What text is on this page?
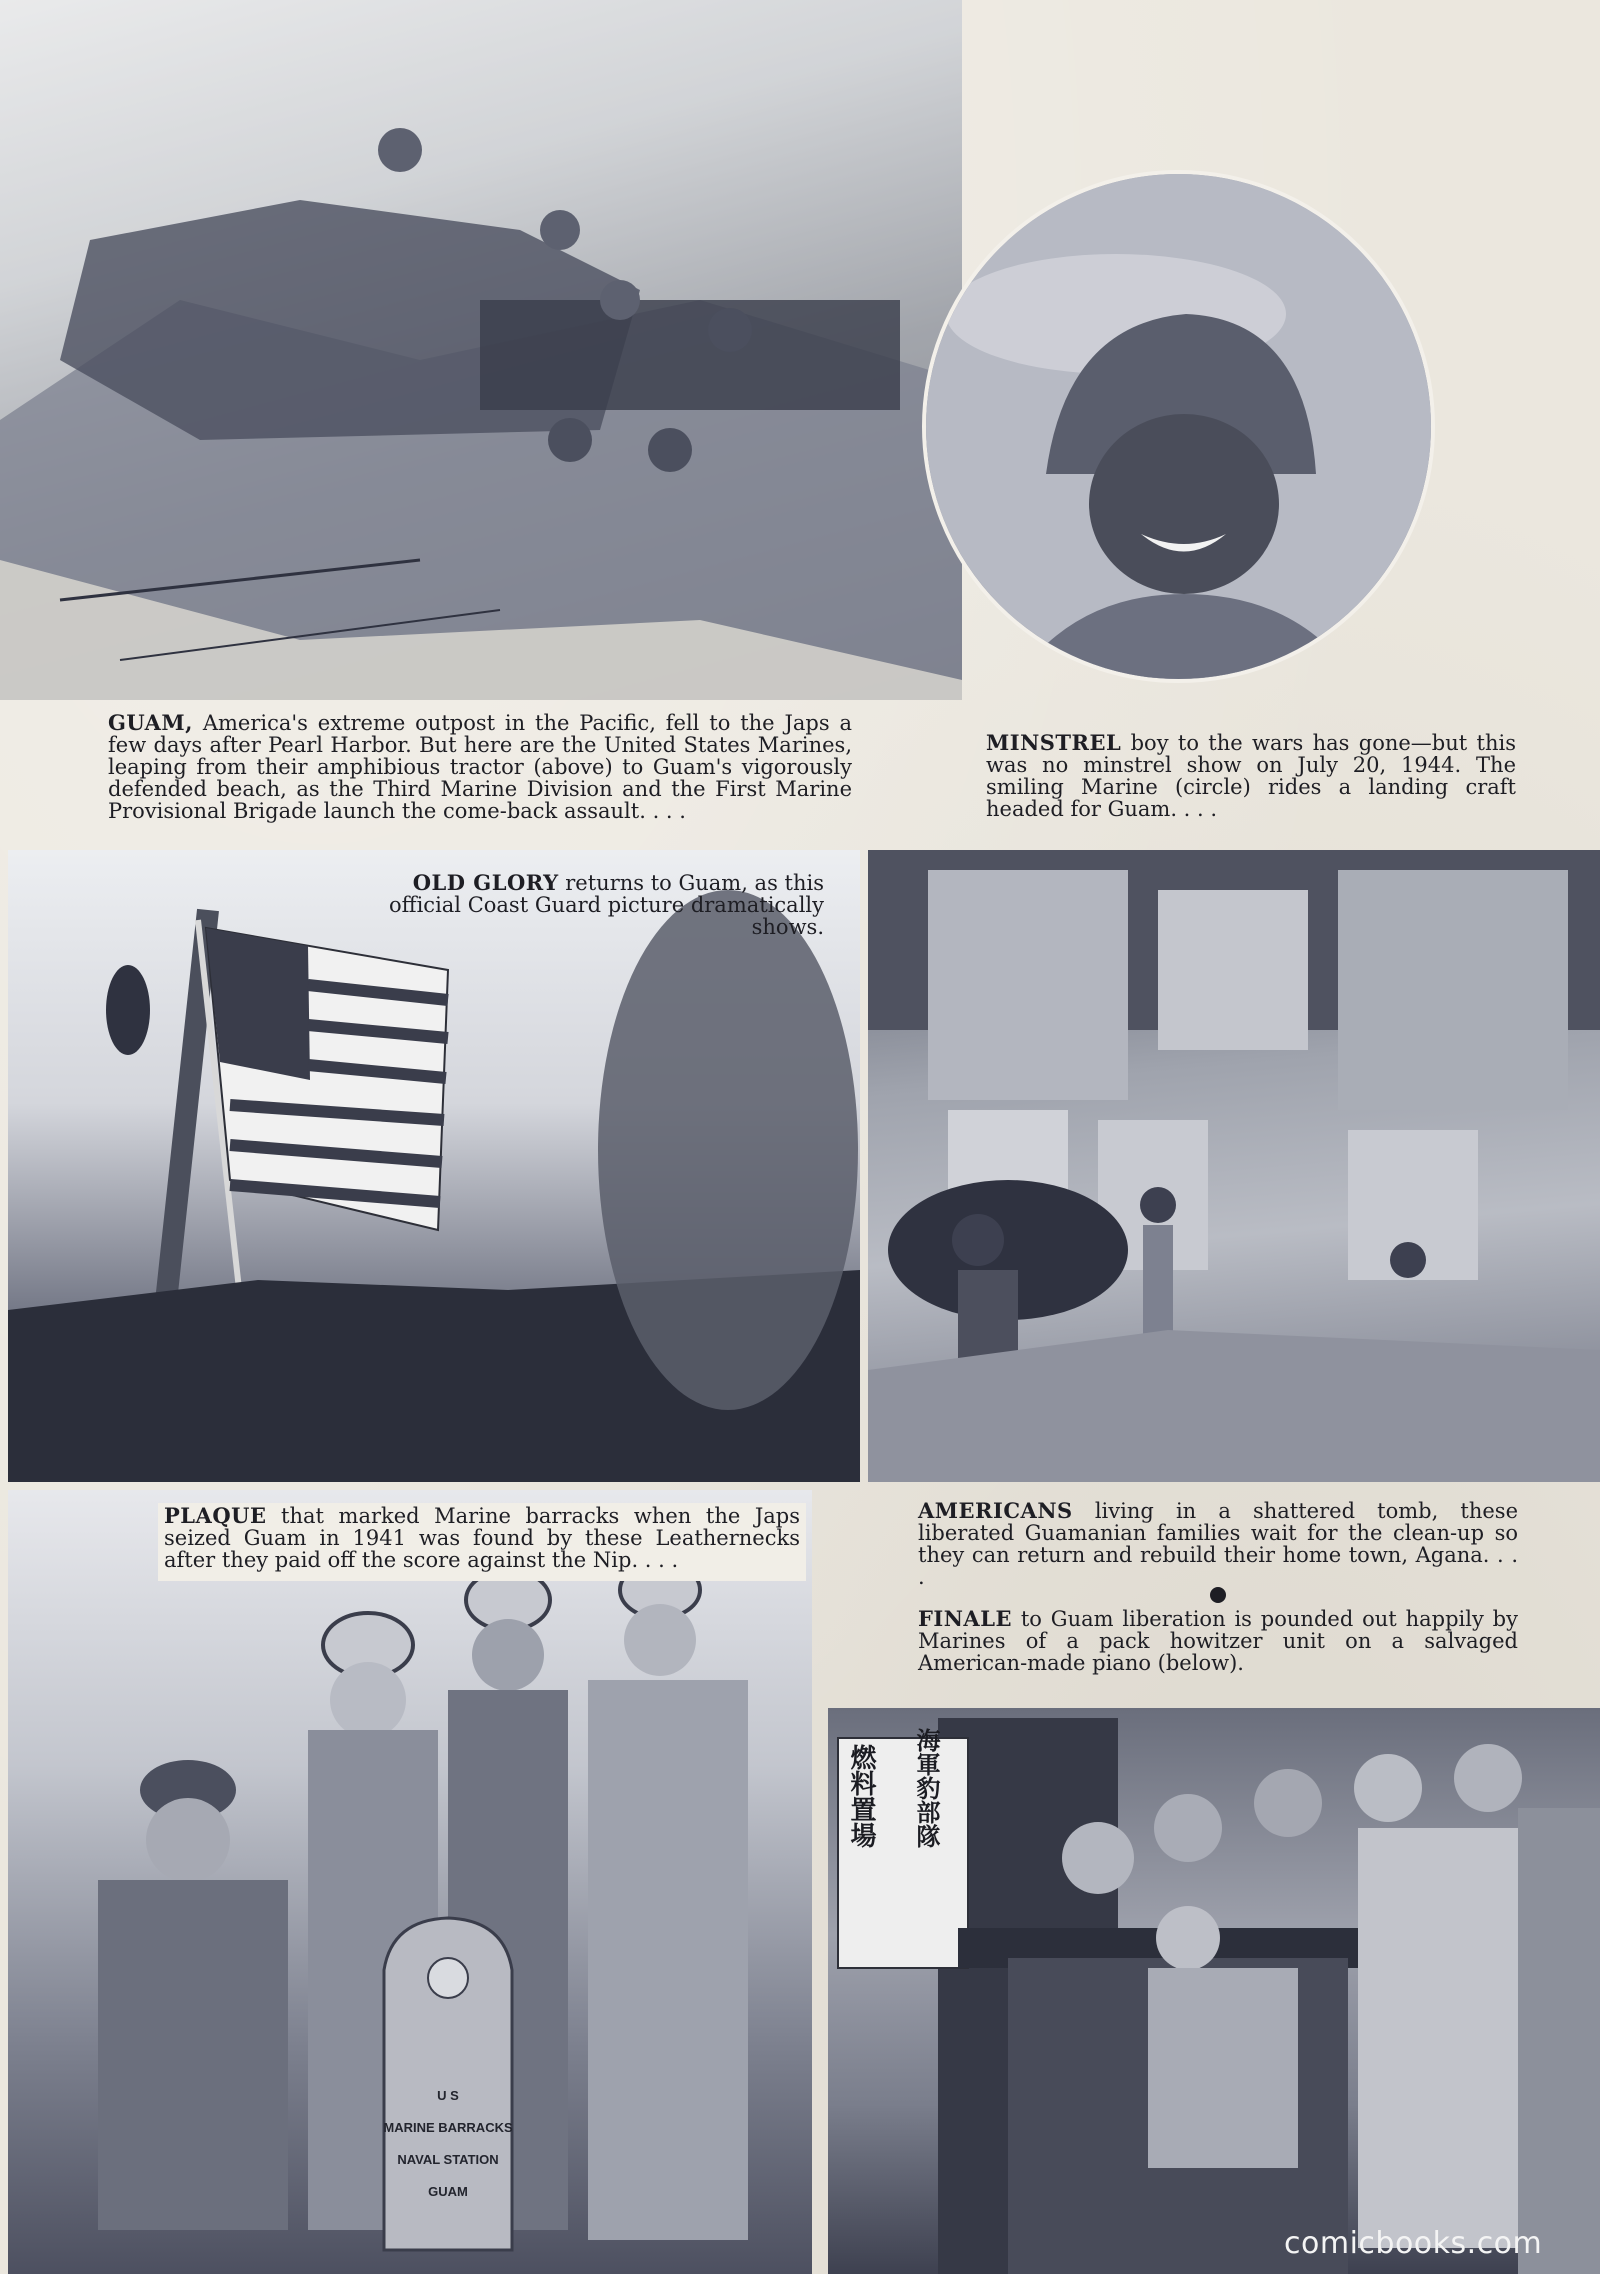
GUAM, America's extreme outpost in the Pacific, fell to the Japs a few days after Pearl Harbor. But here are the United States Marines, leaping from their amphibious tractor (above) to Guam's vigorously defended beach, as the Third Marine Division and the First Marine Provisional Brigade launch the come-back assault. . . .
MINSTREL boy to the wars has gone—but this was no minstrel show on July 20, 1944. The smiling Marine (circle) rides a landing craft headed for Guam. . . .
OLD GLORY returns to Guam, as this official Coast Guard picture dramatically shows.
U S
MARINE BARRACKS
NAVAL STATION
GUAM
PLAQUE that marked Marine barracks when the Japs seized Guam in 1941 was found by these Leathernecks after they paid off the score against the Nip. . . .
AMERICANS living in a shattered tomb, these liberated Guamanian families wait for the clean-up so they can return and rebuild their home town, Agana. . . .
FINALE to Guam liberation is pounded out happily by Marines of a pack howitzer unit on a salvaged American-made piano (below).
燃料置場 海軍豹部隊
comicbooks.com
